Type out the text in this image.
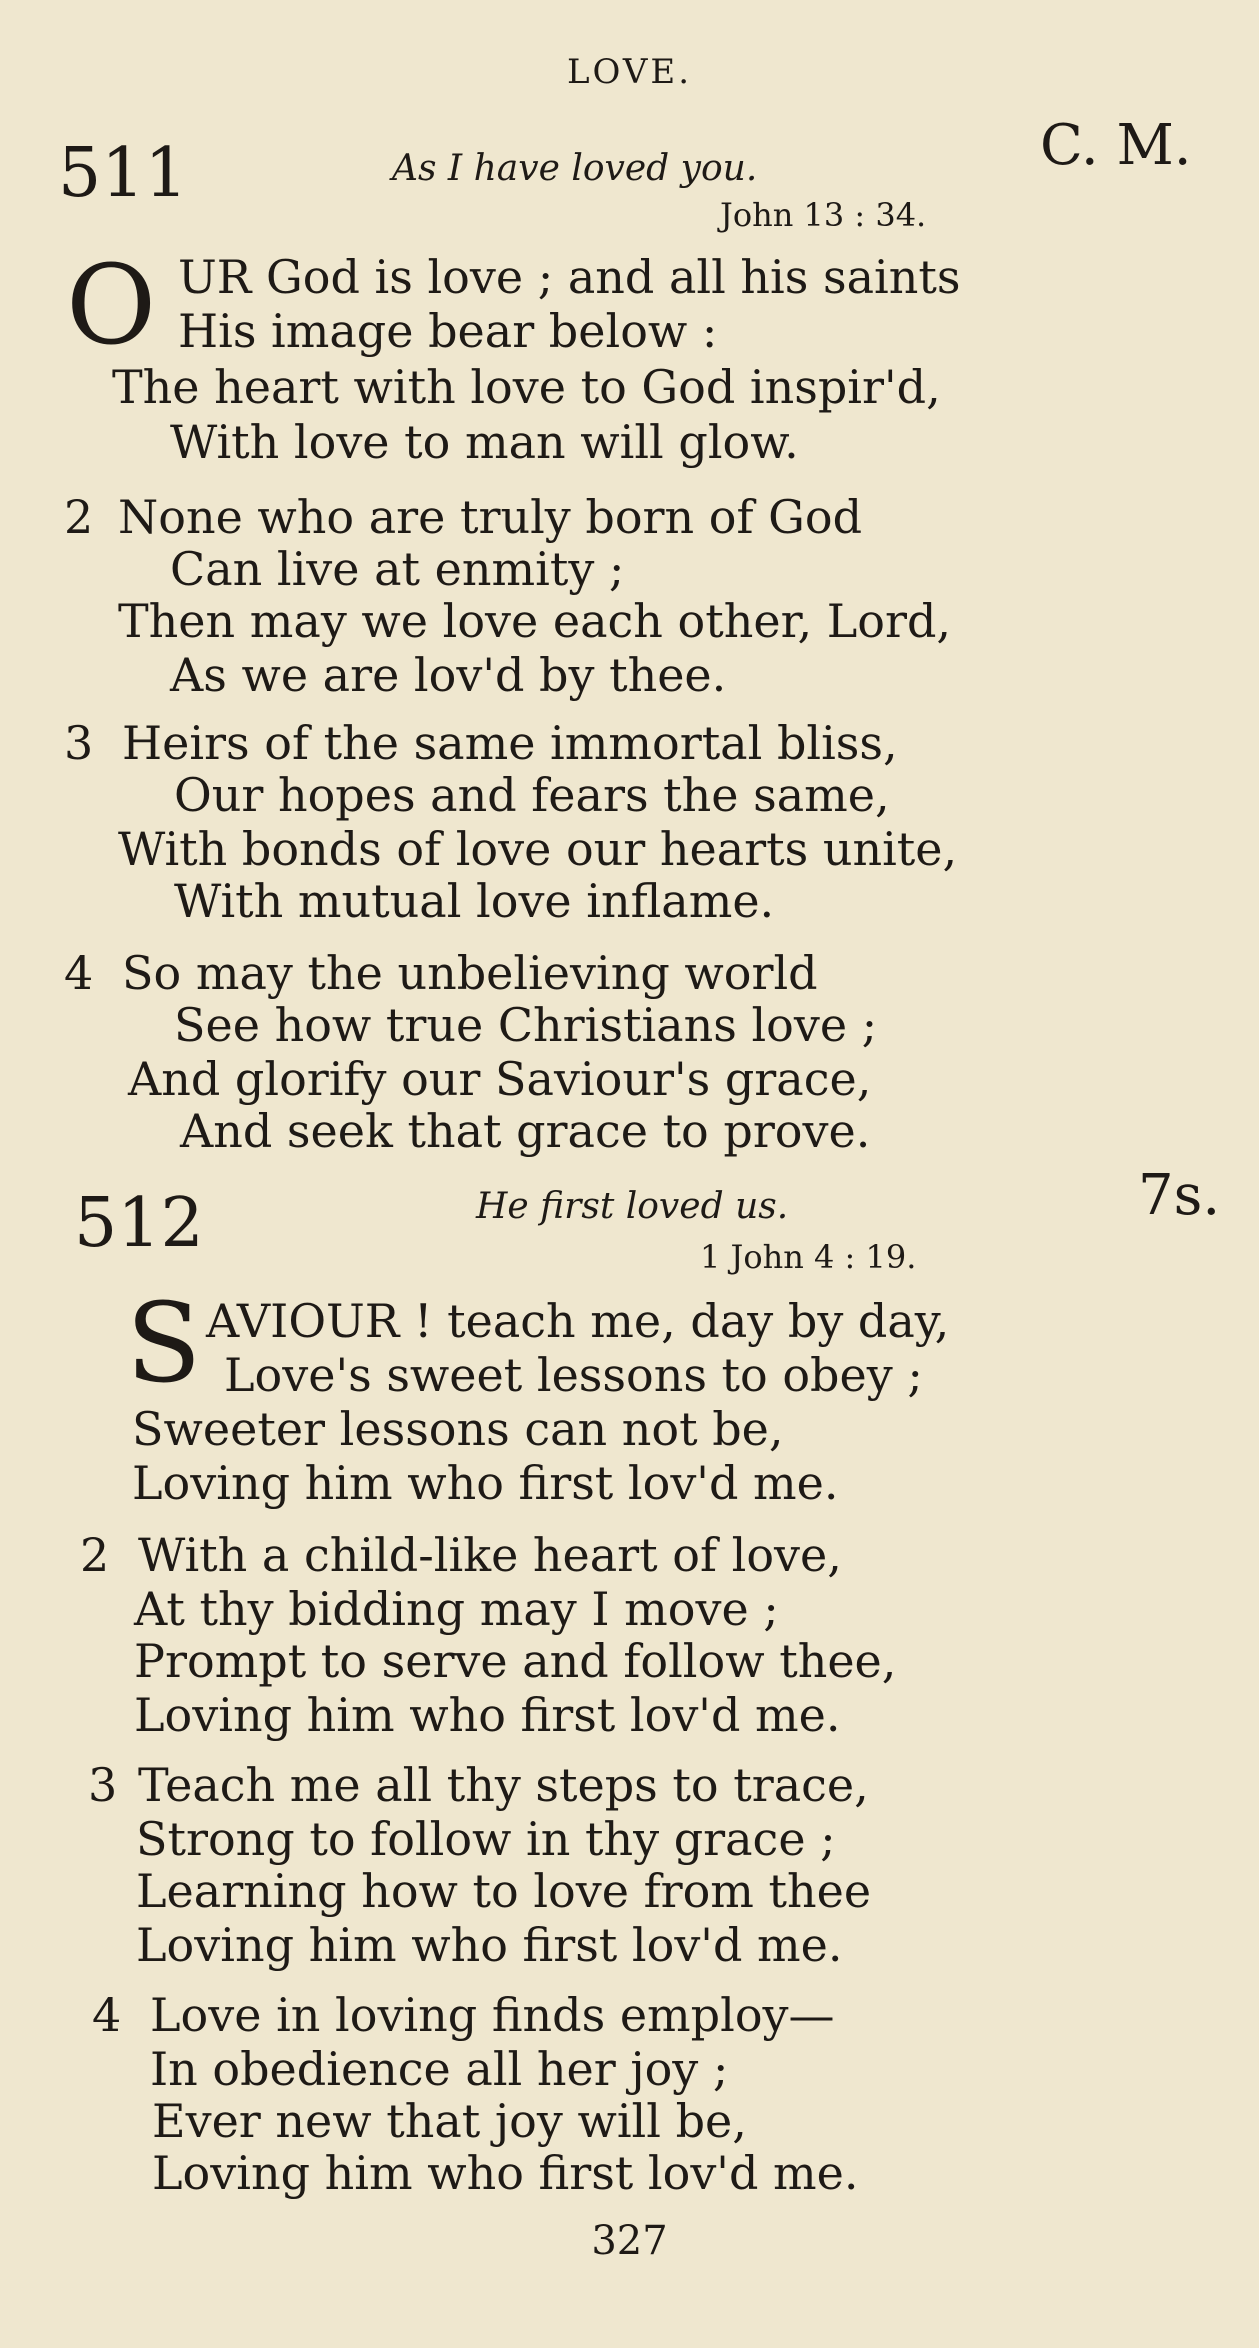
LOVE.
511	As I have loved you.	C. M.
John 13 : 34.
O UR God is love ; and all his saints
His image bear below :
The heart with love to God inspir'd,
With love to man will glow.
2 None who are truly born of God
Can live at enmity ;
Then may we love each other, Lord,
As we are lov'd by thee.
3 Heirs of the same immortal bliss,
Our hopes and fears the same,
With bonds of love our hearts unite,
With mutual love inflame.
4 So may the unbelieving world
See how true Christians love ;
And glorify our Saviour's grace,
And seek that grace to prove.
512	He first loved us.	7s.
1 John 4 : 19.
S AVIOUR ! teach me, day by day,
Love's sweet lessons to obey ;
Sweeter lessons can not be,
Loving him who first lov'd me.
2 With a child-like heart of love,
At thy bidding may I move ;
Prompt to serve and follow thee,
Loving him who first lov'd me.
3 Teach me all thy steps to trace,
Strong to follow in thy grace ;
Learning how to love from thee
Loving him who first lov'd me.
4 Love in loving finds employ—
In obedience all her joy ;
Ever new that joy will be,
Loving him who first lov'd me.
327
